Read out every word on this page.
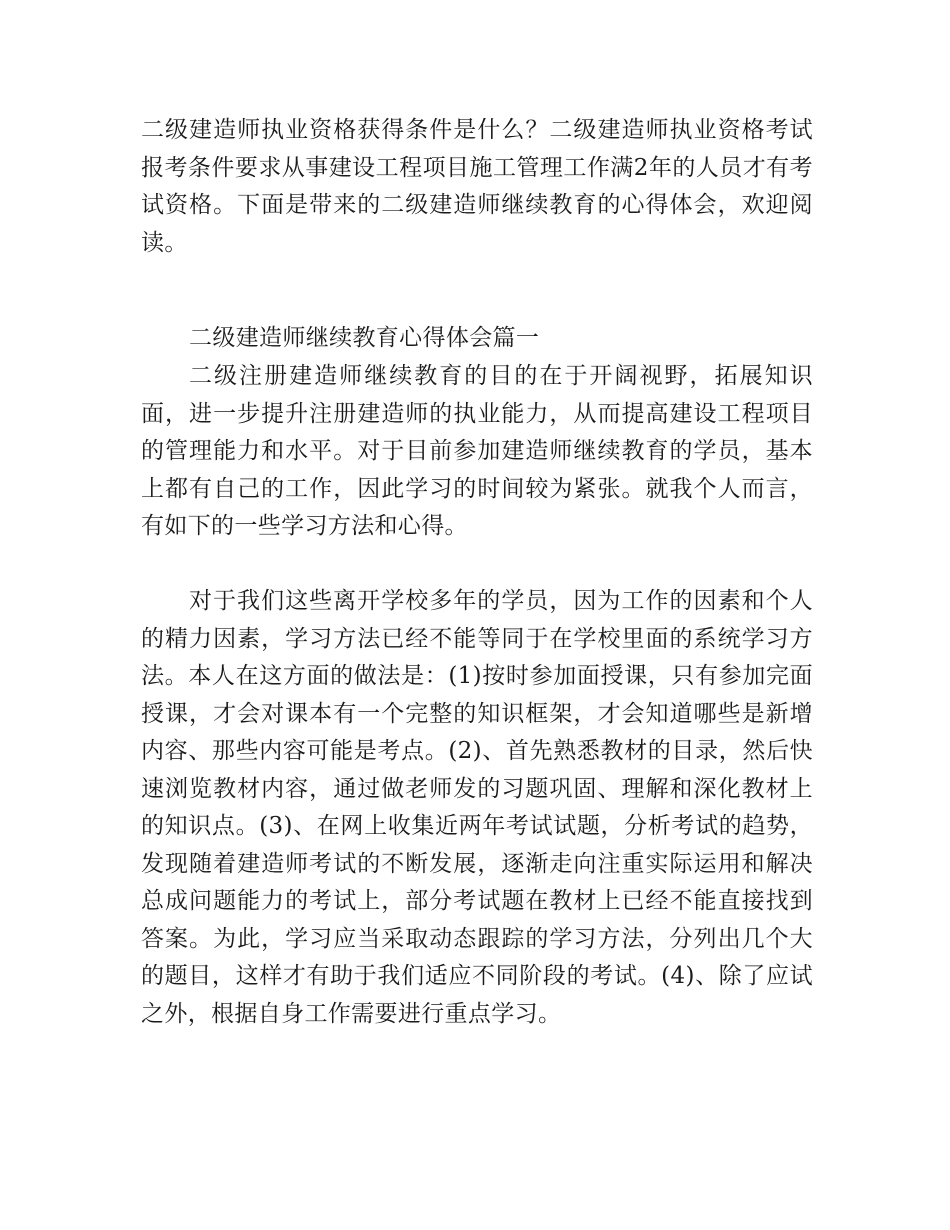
二级建造师执业资格获得条件是什么？二级建造师执业资格考试报考条件要求从事建设工程项目施工管理工作满2年的人员才有考试资格。下面是带来的二级建造师继续教育的心得体会，欢迎阅读。

二级建造师继续教育心得体会篇一

二级注册建造师继续教育的目的在于开阔视野，拓展知识面，进一步提升注册建造师的执业能力，从而提高建设工程项目的管理能力和水平。对于目前参加建造师继续教育的学员，基本上都有自己的工作，因此学习的时间较为紧张。就我个人而言，有如下的一些学习方法和心得。

对于我们这些离开学校多年的学员，因为工作的因素和个人的精力因素，学习方法已经不能等同于在学校里面的系统学习方法。本人在这方面的做法是：(1)按时参加面授课，只有参加完面授课，才会对课本有一个完整的知识框架，才会知道哪些是新增内容、那些内容可能是考点。(2)、首先熟悉教材的目录，然后快速浏览教材内容，通过做老师发的习题巩固、理解和深化教材上的知识点。(3)、在网上收集近两年考试试题，分析考试的趋势，发现随着建造师考试的不断发展，逐渐走向注重实际运用和解决总成问题能力的考试上，部分考试题在教材上已经不能直接找到答案。为此，学习应当采取动态跟踪的学习方法，分列出几个大的题目，这样才有助于我们适应不同阶段的考试。(4)、除了应试之外，根据自身工作需要进行重点学习。
